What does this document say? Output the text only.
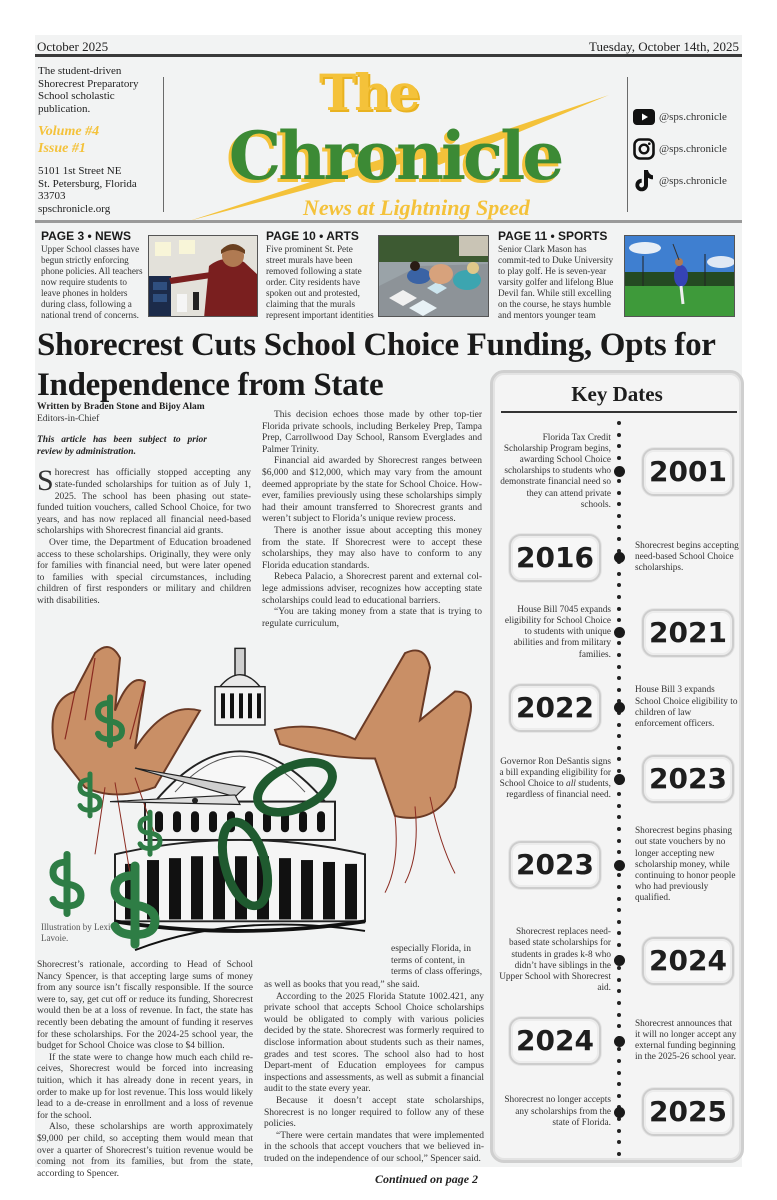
October 2025	Tuesday, October 14th, 2025
The student-driven Shorecrest Preparatory School scholastic publication.
Volume #4
Issue #1
5101 1st Street NE
St. Petersburg, Florida 33703
spschronicle.org
The
Chronicle
News at Lightning Speed
@sps.chronicle
@sps.chronicle
@sps.chronicle
PAGE 3 • NEWS

Upper School classes have begun strictly enforcing phone policies. All teachers now require students to leave phones in holders during class, following a national trend of concerns.

PAGE 10 • ARTS

Five prominent St. Pete street murals have been removed following a state order. City residents have spoken out and protested, claiming that the murals represent important identities

PAGE 11 • SPORTS

Senior Clark Mason has commit-ted to Duke University to play golf. He is seven-year varsity golfer and lifelong Blue Devil fan. While still excelling on the course, he stays humble and mentors younger team

Shorecrest Cuts School Choice Funding, Opts for
Independence from State

Written by Braden Stone and Bijoy Alam

Editors-in-Chief

This article has been subject to prior review by administration.

Shorecrest has officially stopped accepting any state-funded scholarships for tuition as of July 1, 2025. The school has been phasing out state-funded tuition vouchers, called School Choice, for two years, and has now replaced all financial need-based scholarships with Shorecrest financial aid grants.

Over time, the Department of Education broadened access to these scholarships. Originally, they were only for families with financial need, but were later opened to families with special circumstances, including children of first responders or military and children with disabilities.

This decision echoes those made by other top-tier Florida private schools, including Berkeley Prep, Tampa Prep, Carrollwood Day School, Ransom Everglades and Palmer Trinity.

Financial aid awarded by Shorecrest ranges between $6,000 and $12,000, which may vary from the amount deemed appropriate by the state for School Choice. How-ever, families previously using these scholarships simply had their amount transferred to Shorecrest grants and weren’t subject to Florida’s unique review process.

There is another issue about accepting this money from the state. If Shorecrest were to accept these scholarships, they may also have to conform to any Florida education standards.

Rebeca Palacio, a Shorecrest parent and external col-lege admissions adviser, recognizes how accepting state scholarships could lead to educational barriers.

“You are taking money from a state that is trying to regulate curriculum,

Illustration by Lexi Lavoie.

especially Florida, in terms of content, in terms of class offerings,

Shorecrest’s rationale, according to Head of School Nancy Spencer, is that accepting large sums of money from any source isn’t fiscally responsible. If the source were to, say, get cut off or reduce its funding, Shorecrest would then be at a loss of revenue. In fact, the state has recently been debating the amount of funding it reserves for these scholarships. For the 2024-25 school year, the budget for School Choice was close to $4 billion.

If the state were to change how much each child re-ceives, Shorecrest would be forced into increasing tuition, which it has already done in recent years, in order to make up for lost revenue. This loss would likely lead to a de-crease in enrollment and a loss of revenue for the school.

Also, these scholarships are worth approximately $9,000 per child, so accepting them would mean that over a quarter of Shorecrest’s tuition revenue would be coming not from its families, but from the state, according to Spencer.

as well as books that you read,” she said.

According to the 2025 Florida Statute 1002.421, any private school that accepts School Choice scholarships would be obligated to comply with various policies decided by the state. Shorecrest was formerly required to disclose information about students such as their names, grades and test scores. The school also had to host Depart-ment of Education employees for campus inspections and assessments, as well as submit a financial audit to the state every year.

Because it doesn’t accept state scholarships, Shorecrest is no longer required to follow any of these policies.

“There were certain mandates that were implemented in the schools that accept vouchers that we believed in-truded on the independence of our school,” Spencer said.

Continued on page 2
Key Dates
2001
Florida Tax Credit Scholarship Program begins, awarding School Choice scholarships to students who demonstrate financial need so they can attend private schools.
2016	Shorecrest begins accepting need-based School Choice scholarships.
2021
House Bill 7045 expands eligibility for School Choice to students with unique abilities and from military families.
2022
House Bill 3 expands School Choice eligibility to children of law enforcement officers.
2023
Governor Ron DeSantis signs a bill expanding eligibility for School Choice to all students, regardless of financial need.
2023
Shorecrest begins phasing out state vouchers by no longer accepting new scholarship money, while continuing to honor people who had previously qualified.
2024
Shorecrest replaces need-based state scholarships for students in grades k-8 who didn’t have siblings in the Upper School with Shorecrest aid.
2024
Shorecrest announces that it will no longer accept any external funding beginning in the 2025-26 school year.
2025
Shorecrest no longer accepts any scholarships from the state of Florida.
